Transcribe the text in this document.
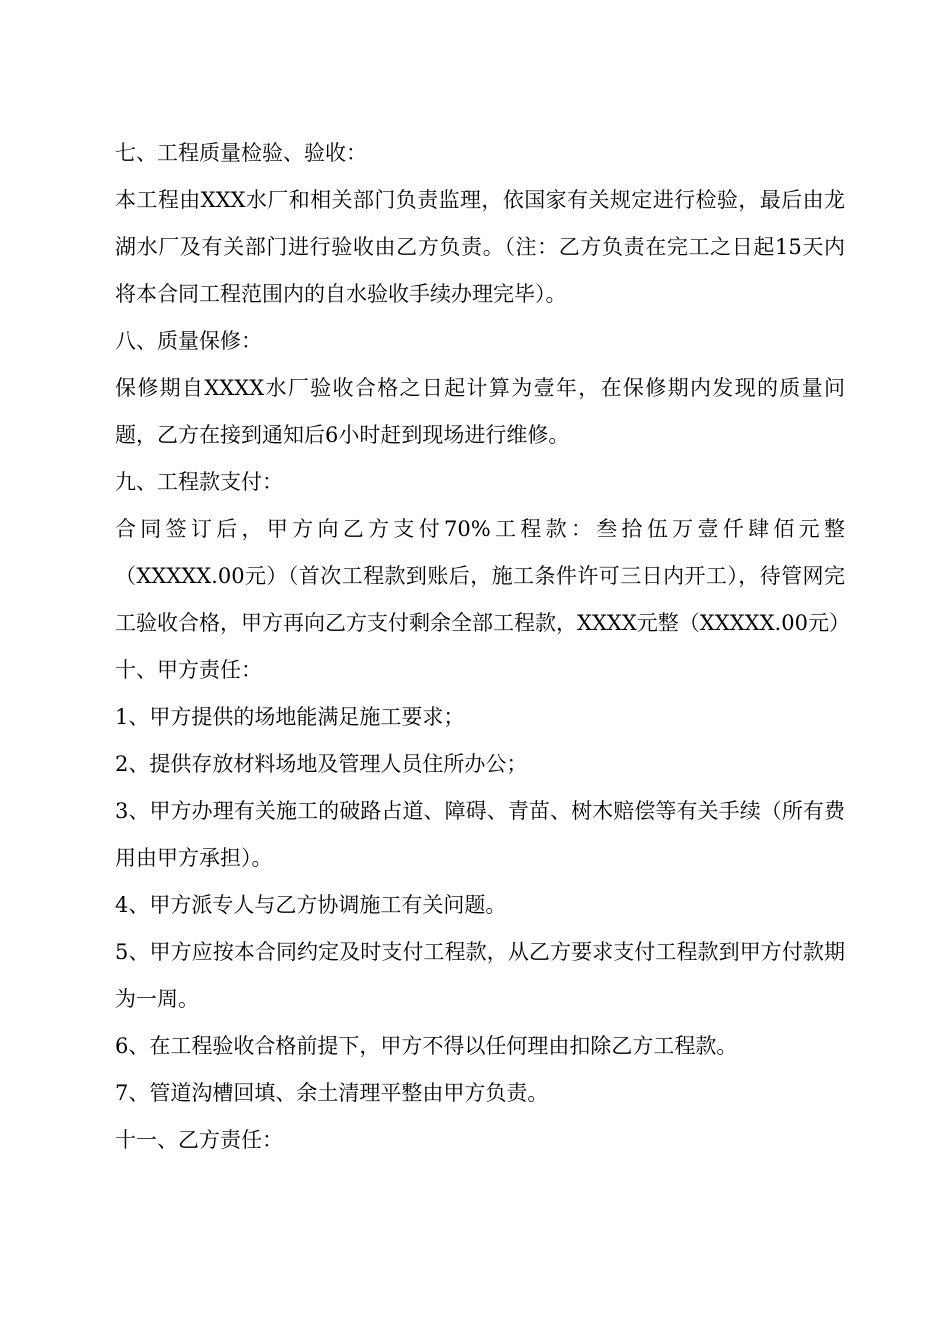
七、工程质量检验、验收：

本工程由XXX水厂和相关部门负责监理，依国家有关规定进行检验，最后由龙湖水厂及有关部门进行验收由乙方负责。（注：乙方负责在完工之日起15天内将本合同工程范围内的自水验收手续办理完毕）。

八、质量保修：

保修期自XXXX水厂验收合格之日起计算为壹年，在保修期内发现的质量问题，乙方在接到通知后6小时赶到现场进行维修。

九、工程款支付：

合同签订后，甲方向乙方支付70%工程款：叁拾伍万壹仟肆佰元整（XXXXX.00元）（首次工程款到账后，施工条件许可三日内开工），待管网完工验收合格，甲方再向乙方支付剩余全部工程款，XXXX元整（XXXXX.00元）

十、甲方责任：

1、甲方提供的场地能满足施工要求；

2、提供存放材料场地及管理人员住所办公；

3、甲方办理有关施工的破路占道、障碍、青苗、树木赔偿等有关手续（所有费用由甲方承担）。

4、甲方派专人与乙方协调施工有关问题。

5、甲方应按本合同约定及时支付工程款，从乙方要求支付工程款到甲方付款期为一周。

6、在工程验收合格前提下，甲方不得以任何理由扣除乙方工程款。

7、管道沟槽回填、余土清理平整由甲方负责。

十一、乙方责任：
